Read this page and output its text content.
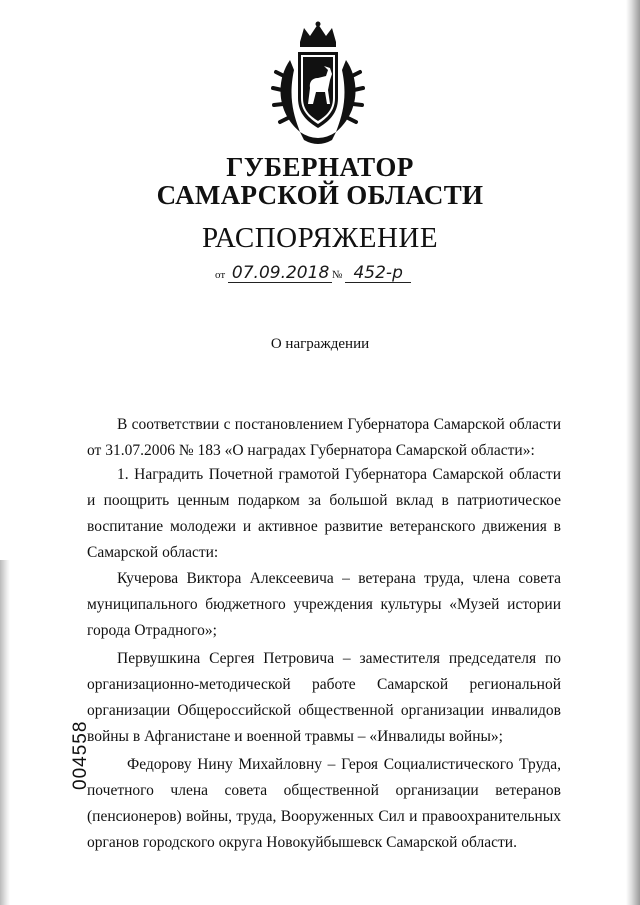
ГУБЕРНАТОР
САМАРСКОЙ ОБЛАСТИ
РАСПОРЯЖЕНИЕ
от 07.09.2018 № 452-р
О награждении

В соответствии с постановлением Губернатора Самарской области от 31.07.2006 № 183 «О наградах Губернатора Самарской области»:

1. Наградить Почетной грамотой Губернатора Самарской области и поощрить ценным подарком за большой вклад в патриотическое воспитание молодежи и активное развитие ветеранского движения в Самарской области:

Кучерова Виктора Алексеевича – ветерана труда, члена совета муниципального бюджетного учреждения культуры «Музей истории города Отрадного»;

Первушкина Сергея Петровича – заместителя председателя по организационно-методической работе Самарской региональной организации Общероссийской общественной организации инвалидов войны в Афганистане и военной травмы – «Инвалиды войны»;

Федорову Нину Михайловну – Героя Социалистического Труда, почетного члена совета общественной организации ветеранов (пенсионеров) войны, труда, Вооруженных Сил и правоохранительных органов городского округа Новокуйбышевск Самарской области.

004558
